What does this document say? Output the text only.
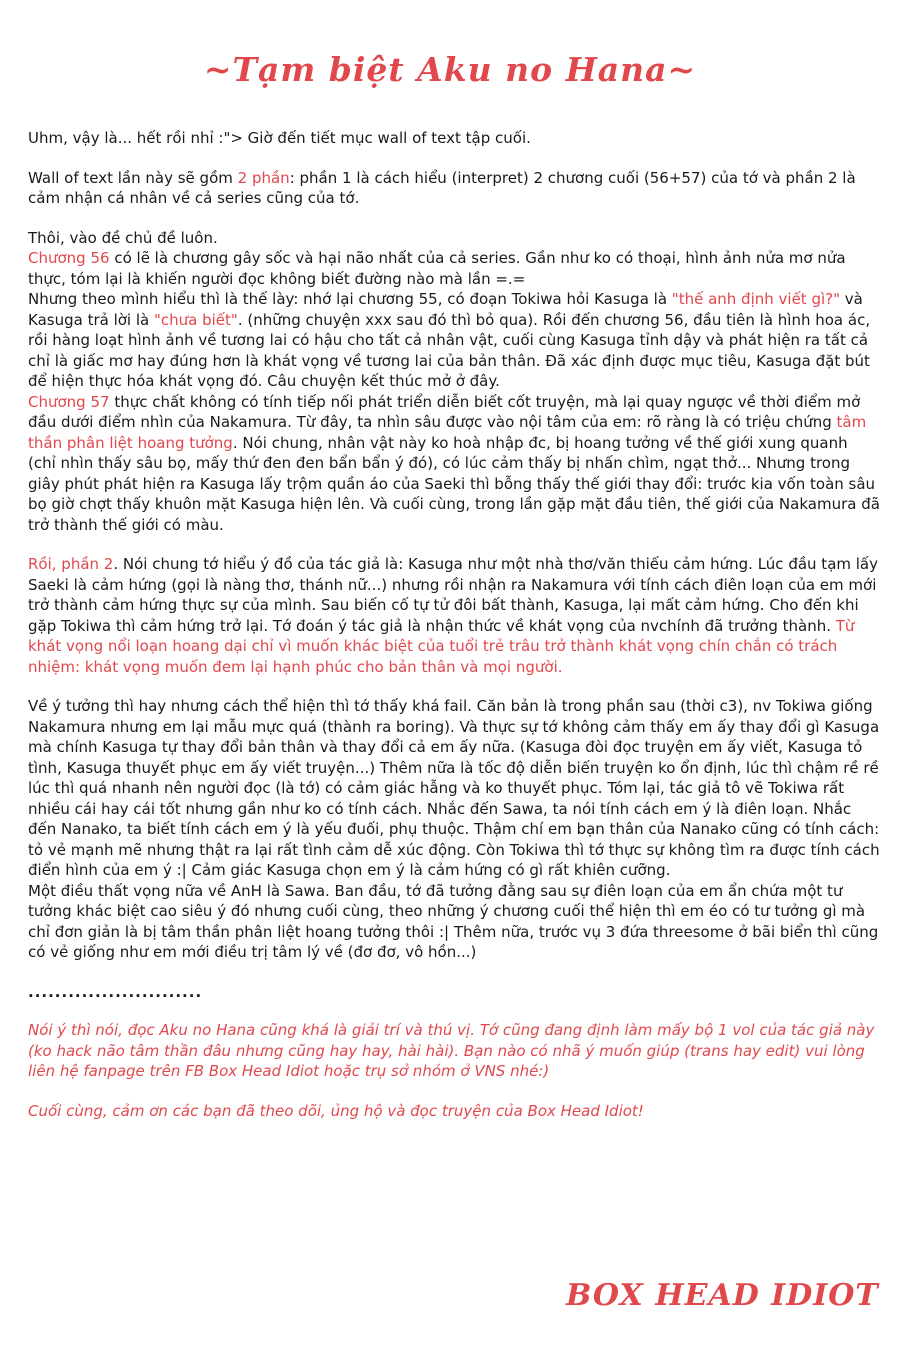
~Tạm biệt Aku no Hana~

Uhm, vậy là... hết rồi nhỉ :"> Giờ đến tiết mục wall of text tập cuối.

Wall of text lần này sẽ gồm 2 phần: phần 1 là cách hiểu (interpret) 2 chương cuối (56+57) của tớ và phần 2 là cảm nhận cá nhân về cả series cũng của tớ.

Thôi, vào đề chủ đề luôn.
Chương 56 có lẽ là chương gây sốc và hại não nhất của cả series. Gần như ko có thoại, hình ảnh nửa mơ nửa thực, tóm lại là khiến người đọc không biết đường nào mà lần =.=
Nhưng theo mình hiểu thì là thế lày: nhớ lại chương 55, có đoạn Tokiwa hỏi Kasuga là "thế anh định viết gì?" và Kasuga trả lời là "chưa biết". (những chuyện xxx sau đó thì bỏ qua). Rồi đến chương 56, đầu tiên là hình hoa ác, rồi hàng loạt hình ảnh về tương lai có hậu cho tất cả nhân vật, cuối cùng Kasuga tỉnh dậy và phát hiện ra tất cả chỉ là giấc mơ hay đúng hơn là khát vọng về tương lai của bản thân. Đã xác định được mục tiêu, Kasuga đặt bút để hiện thực hóa khát vọng đó. Câu chuyện kết thúc mở ở đây.
Chương 57 thực chất không có tính tiếp nối phát triển diễn biết cốt truyện, mà lại quay ngược về thời điểm mở đầu dưới điểm nhìn của Nakamura. Từ đây, ta nhìn sâu được vào nội tâm của em: rõ ràng là có triệu chứng tâm thần phân liệt hoang tưởng. Nói chung, nhân vật này ko hoà nhập đc, bị hoang tưởng về thế giới xung quanh (chỉ nhìn thấy sâu bọ, mấy thứ đen đen bẩn bẩn ý đó), có lúc cảm thấy bị nhấn chìm, ngạt thở... Nhưng trong giây phút phát hiện ra Kasuga lấy trộm quần áo của Saeki thì bỗng thấy thế giới thay đổi: trước kia vốn toàn sâu bọ giờ chợt thấy khuôn mặt Kasuga hiện lên. Và cuối cùng, trong lần gặp mặt đầu tiên, thế giới của Nakamura đã trở thành thế giới có màu.

Rồi, phần 2. Nói chung tớ hiểu ý đồ của tác giả là: Kasuga như một nhà thơ/văn thiếu cảm hứng. Lúc đầu tạm lấy Saeki là cảm hứng (gọi là nàng thơ, thánh nữ...) nhưng rồi nhận ra Nakamura với tính cách điên loạn của em mới trở thành cảm hứng thực sự của mình. Sau biến cố tự tử đôi bất thành, Kasuga, lại mất cảm hứng. Cho đến khi gặp Tokiwa thì cảm hứng trở lại. Tớ đoán ý tác giả là nhận thức về khát vọng của nvchính đã trưởng thành. Từ khát vọng nổi loạn hoang dại chỉ vì muốn khác biệt của tuổi trẻ trâu trở thành khát vọng chín chắn có trách nhiệm: khát vọng muốn đem lại hạnh phúc cho bản thân và mọi người.

Về ý tưởng thì hay nhưng cách thể hiện thì tớ thấy khá fail. Căn bản là trong phần sau (thời c3), nv Tokiwa giống Nakamura nhưng em lại mẫu mực quá (thành ra boring). Và thực sự tớ không cảm thấy em ấy thay đổi gì Kasuga mà chính Kasuga tự thay đổi bản thân và thay đổi cả em ấy nữa. (Kasuga đòi đọc truyện em ấy viết, Kasuga tỏ tình, Kasuga thuyết phục em ấy viết truyện...) Thêm nữa là tốc độ diễn biến truyện ko ổn định, lúc thì chậm rề rề lúc thì quá nhanh nên người đọc (là tớ) có cảm giác hẫng và ko thuyết phục. Tóm lại, tác giả tô vẽ Tokiwa rất nhiều cái hay cái tốt nhưng gần như ko có tính cách. Nhắc đến Sawa, ta nói tính cách em ý là điên loạn. Nhắc đến Nanako, ta biết tính cách em ý là yếu đuối, phụ thuộc. Thậm chí em bạn thân của Nanako cũng có tính cách: tỏ vẻ mạnh mẽ nhưng thật ra lại rất tình cảm dễ xúc động. Còn Tokiwa thì tớ thực sự không tìm ra được tính cách điển hình của em ý :| Cảm giác Kasuga chọn em ý là cảm hứng có gì rất khiên cưỡng.
Một điều thất vọng nữa về AnH là Sawa. Ban đầu, tớ đã tưởng đằng sau sự điên loạn của em ẩn chứa một tư tưởng khác biệt cao siêu ý đó nhưng cuối cùng, theo những ý chương cuối thể hiện thì em éo có tư tưởng gì mà chỉ đơn giản là bị tâm thần phân liệt hoang tưởng thôi :| Thêm nữa, trước vụ 3 đứa threesome ở bãi biển thì cũng có vẻ giống như em mới điều trị tâm lý về (đơ đơ, vô hồn...)

..........................

Nói ý thì nói, đọc Aku no Hana cũng khá là giải trí và thú vị. Tớ cũng đang định làm mấy bộ 1 vol của tác giả này (ko hack não tâm thần đâu nhưng cũng hay hay, hài hài). Bạn nào có nhã ý muốn giúp (trans hay edit) vui lòng liên hệ fanpage trên FB Box Head Idiot hoặc trụ sở nhóm ở VNS nhé:)

Cuối cùng, cảm ơn các bạn đã theo dõi, ủng hộ và đọc truyện của Box Head Idiot!

BOX HEAD IDIOT
